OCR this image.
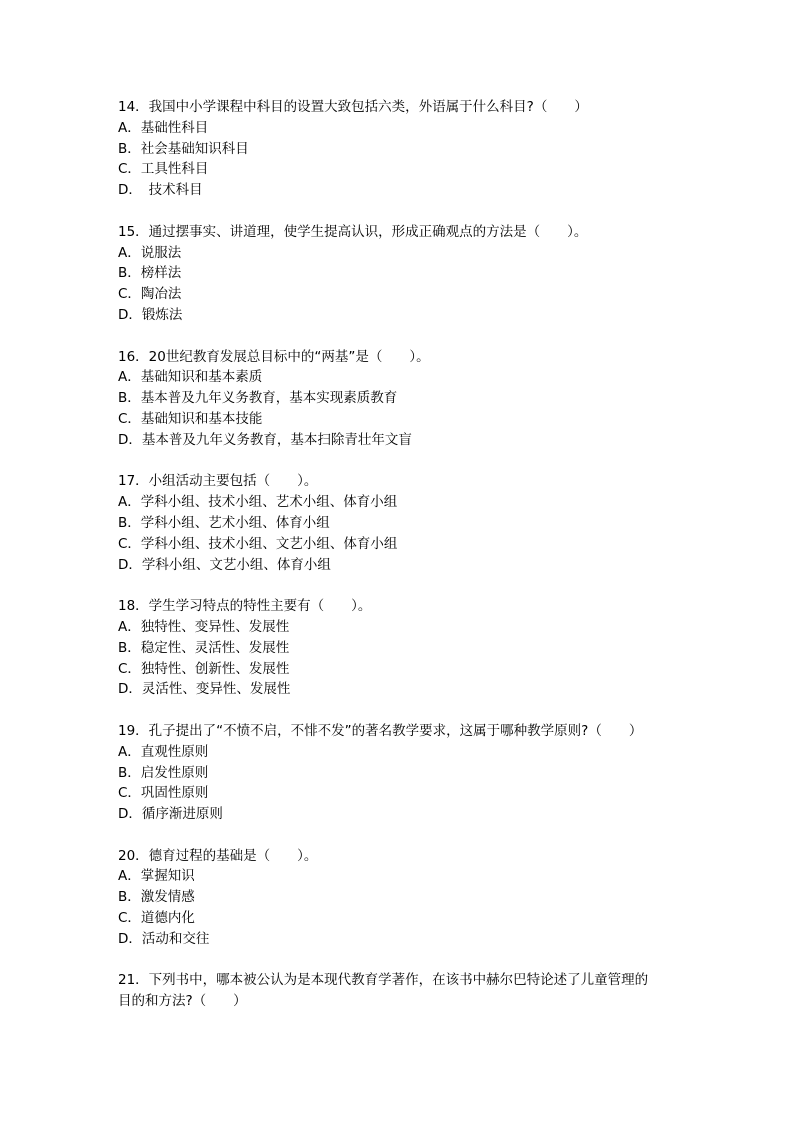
14．我国中小学课程中科目的设置大致包括六类，外语属于什么科目?（　　）
A．基础性科目
B．社会基础知识科目
C．工具性科目
D．　技术科目
15．通过摆事实、讲道理，使学生提高认识，形成正确观点的方法是（　　）。
A．说服法
B．榜样法
C．陶冶法
D．锻炼法
16．20世纪教育发展总目标中的“两基”是（　　）。
A．基础知识和基本素质
B．基本普及九年义务教育，基本实现素质教育
C．基础知识和基本技能
D．基本普及九年义务教育，基本扫除青壮年文盲
17．小组活动主要包括（　　）。
A．学科小组、技术小组、艺术小组、体育小组
B．学科小组、艺术小组、体育小组
C．学科小组、技术小组、文艺小组、体育小组
D．学科小组、文艺小组、体育小组
18．学生学习特点的特性主要有（　　）。
A．独特性、变异性、发展性
B．稳定性、灵活性、发展性
C．独特性、创新性、发展性
D．灵活性、变异性、发展性
19．孔子提出了“不愤不启，不悱不发”的著名教学要求，这属于哪种教学原则?（　　）
A．直观性原则
B．启发性原则
C．巩固性原则
D．循序渐进原则
20．德育过程的基础是（　　）。
A．掌握知识
B．激发情感
C．道德内化
D．活动和交往
21．下列书中，哪本被公认为是本现代教育学著作，在该书中赫尔巴特论述了儿童管理的
目的和方法?（　　）
